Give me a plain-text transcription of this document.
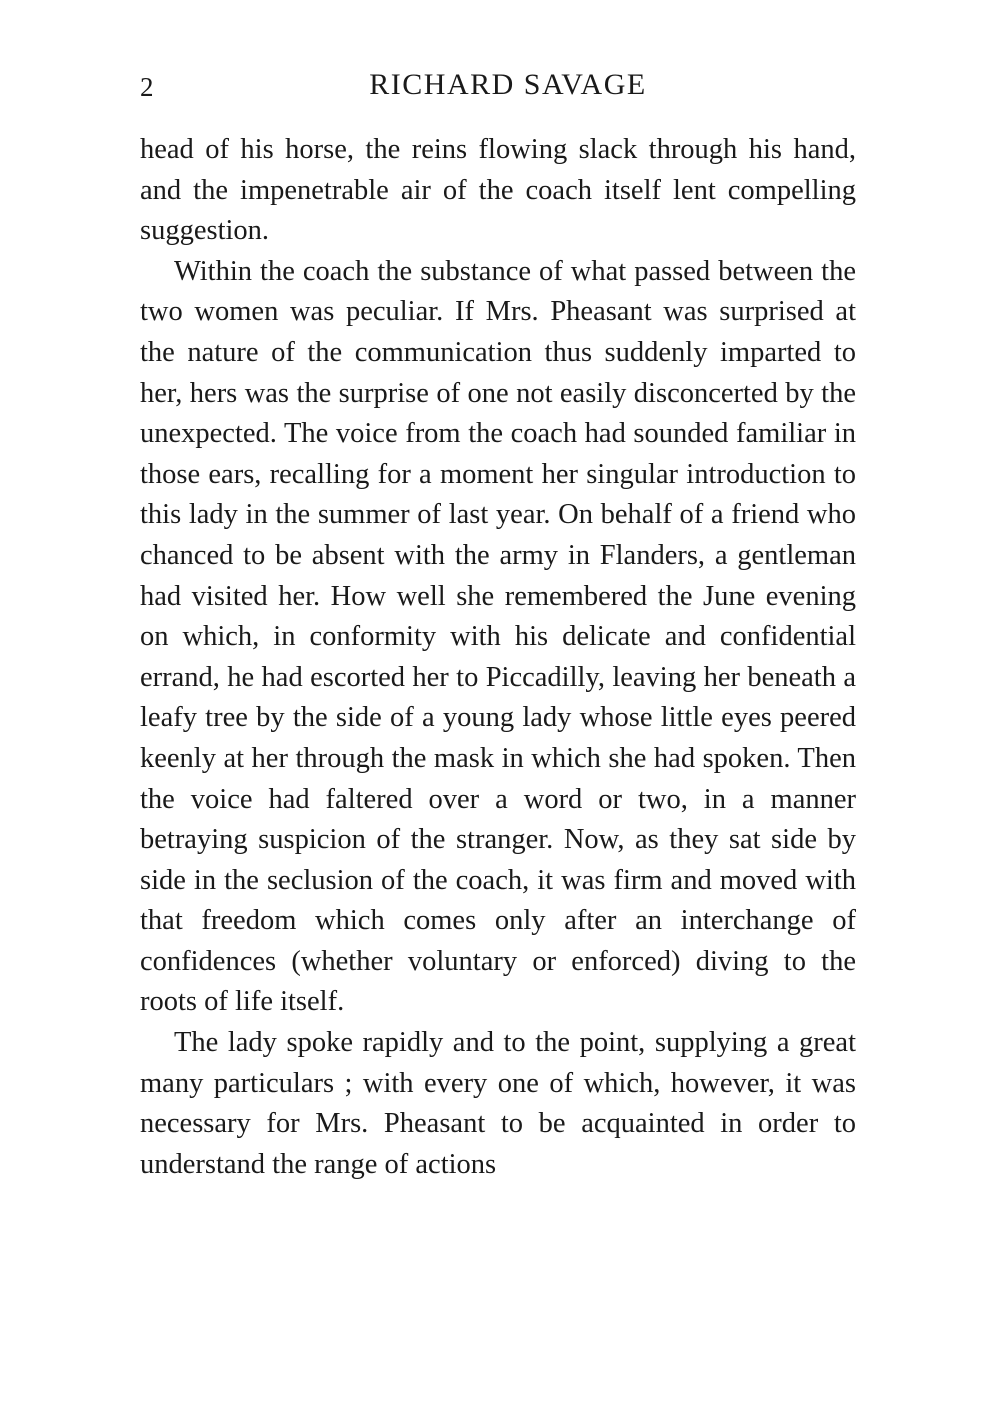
2	RICHARD SAVAGE

head of his horse, the reins flowing slack through his hand, and the impenetrable air of the coach itself lent compelling suggestion.

Within the coach the substance of what passed between the two women was peculiar. If Mrs. Pheasant was surprised at the nature of the communication thus suddenly imparted to her, hers was the surprise of one not easily disconcerted by the unexpected. The voice from the coach had sounded familiar in those ears, recalling for a moment her singular introduction to this lady in the summer of last year. On behalf of a friend who chanced to be absent with the army in Flanders, a gentleman had visited her. How well she remembered the June evening on which, in conformity with his delicate and confidential errand, he had escorted her to Piccadilly, leaving her beneath a leafy tree by the side of a young lady whose little eyes peered keenly at her through the mask in which she had spoken. Then the voice had faltered over a word or two, in a manner betraying suspicion of the stranger. Now, as they sat side by side in the seclusion of the coach, it was firm and moved with that freedom which comes only after an interchange of confidences (whether voluntary or enforced) diving to the roots of life itself.

The lady spoke rapidly and to the point, supplying a great many particulars ; with every one of which, however, it was necessary for Mrs. Pheasant to be acquainted in order to understand the range of actions
